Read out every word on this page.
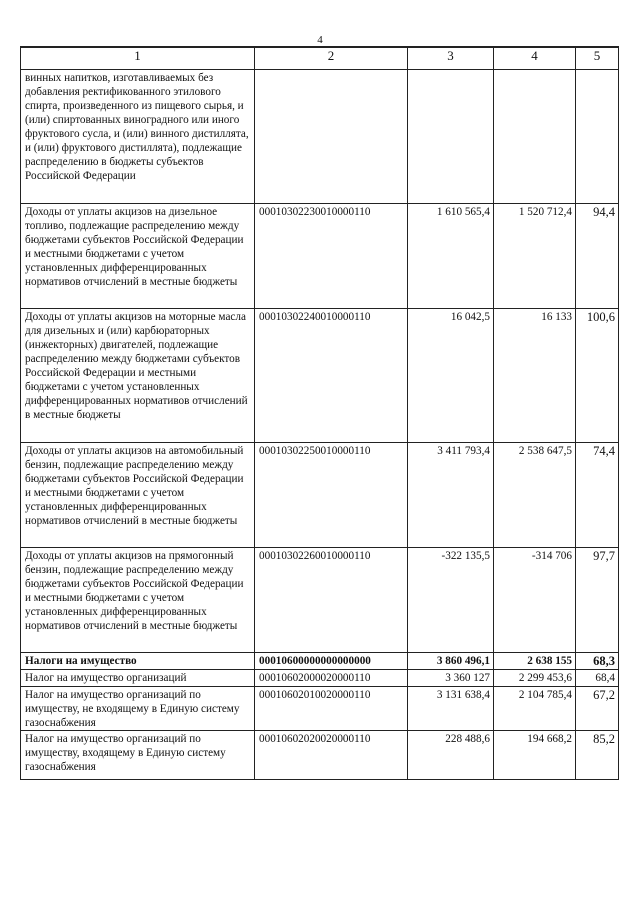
4
1	2	3	4	5
винных напитков, изготавливаемых без добавления ректификованного этилового спирта, произведенного из пищевого сырья, и (или) спиртованных виноградного или иного фруктового сусла, и (или) винного дистиллята, и (или) фруктового дистиллята), подлежащие распределению в бюджеты субъектов Российской Федерации				
Доходы от уплаты акцизов на дизельное топливо, подлежащие распределению между бюджетами субъектов Российской Федерации и местными бюджетами с учетом установленных дифференцированных нормативов отчислений в местные бюджеты	00010302230010000110	1 610 565,4	1 520 712,4	94,4
Доходы от уплаты акцизов на моторные масла для дизельных и (или) карбюраторных (инжекторных) двигателей, подлежащие распределению между бюджетами субъектов Российской Федерации и местными бюджетами с учетом установленных дифференцированных нормативов отчислений в местные бюджеты	00010302240010000110	16 042,5	16 133	100,6
Доходы от уплаты акцизов на автомобильный бензин, подлежащие распределению между бюджетами субъектов Российской Федерации и местными бюджетами с учетом установленных дифференцированных нормативов отчислений в местные бюджеты	00010302250010000110	3 411 793,4	2 538 647,5	74,4
Доходы от уплаты акцизов на прямогонный бензин, подлежащие распределению между бюджетами субъектов Российской Федерации и местными бюджетами с учетом установленных дифференцированных нормативов отчислений в местные бюджеты	00010302260010000110	-322 135,5	-314 706	97,7
Налоги на имущество	00010600000000000000	3 860 496,1	2 638 155	68,3
Налог на имущество организаций	00010602000020000110	3 360 127	2 299 453,6	68,4
Налог на имущество организаций по имуществу, не входящему в Единую систему газоснабжения	00010602010020000110	3 131 638,4	2 104 785,4	67,2
Налог на имущество организаций по имуществу, входящему в Единую систему газоснабжения	00010602020020000110	228 488,6	194 668,2	85,2
